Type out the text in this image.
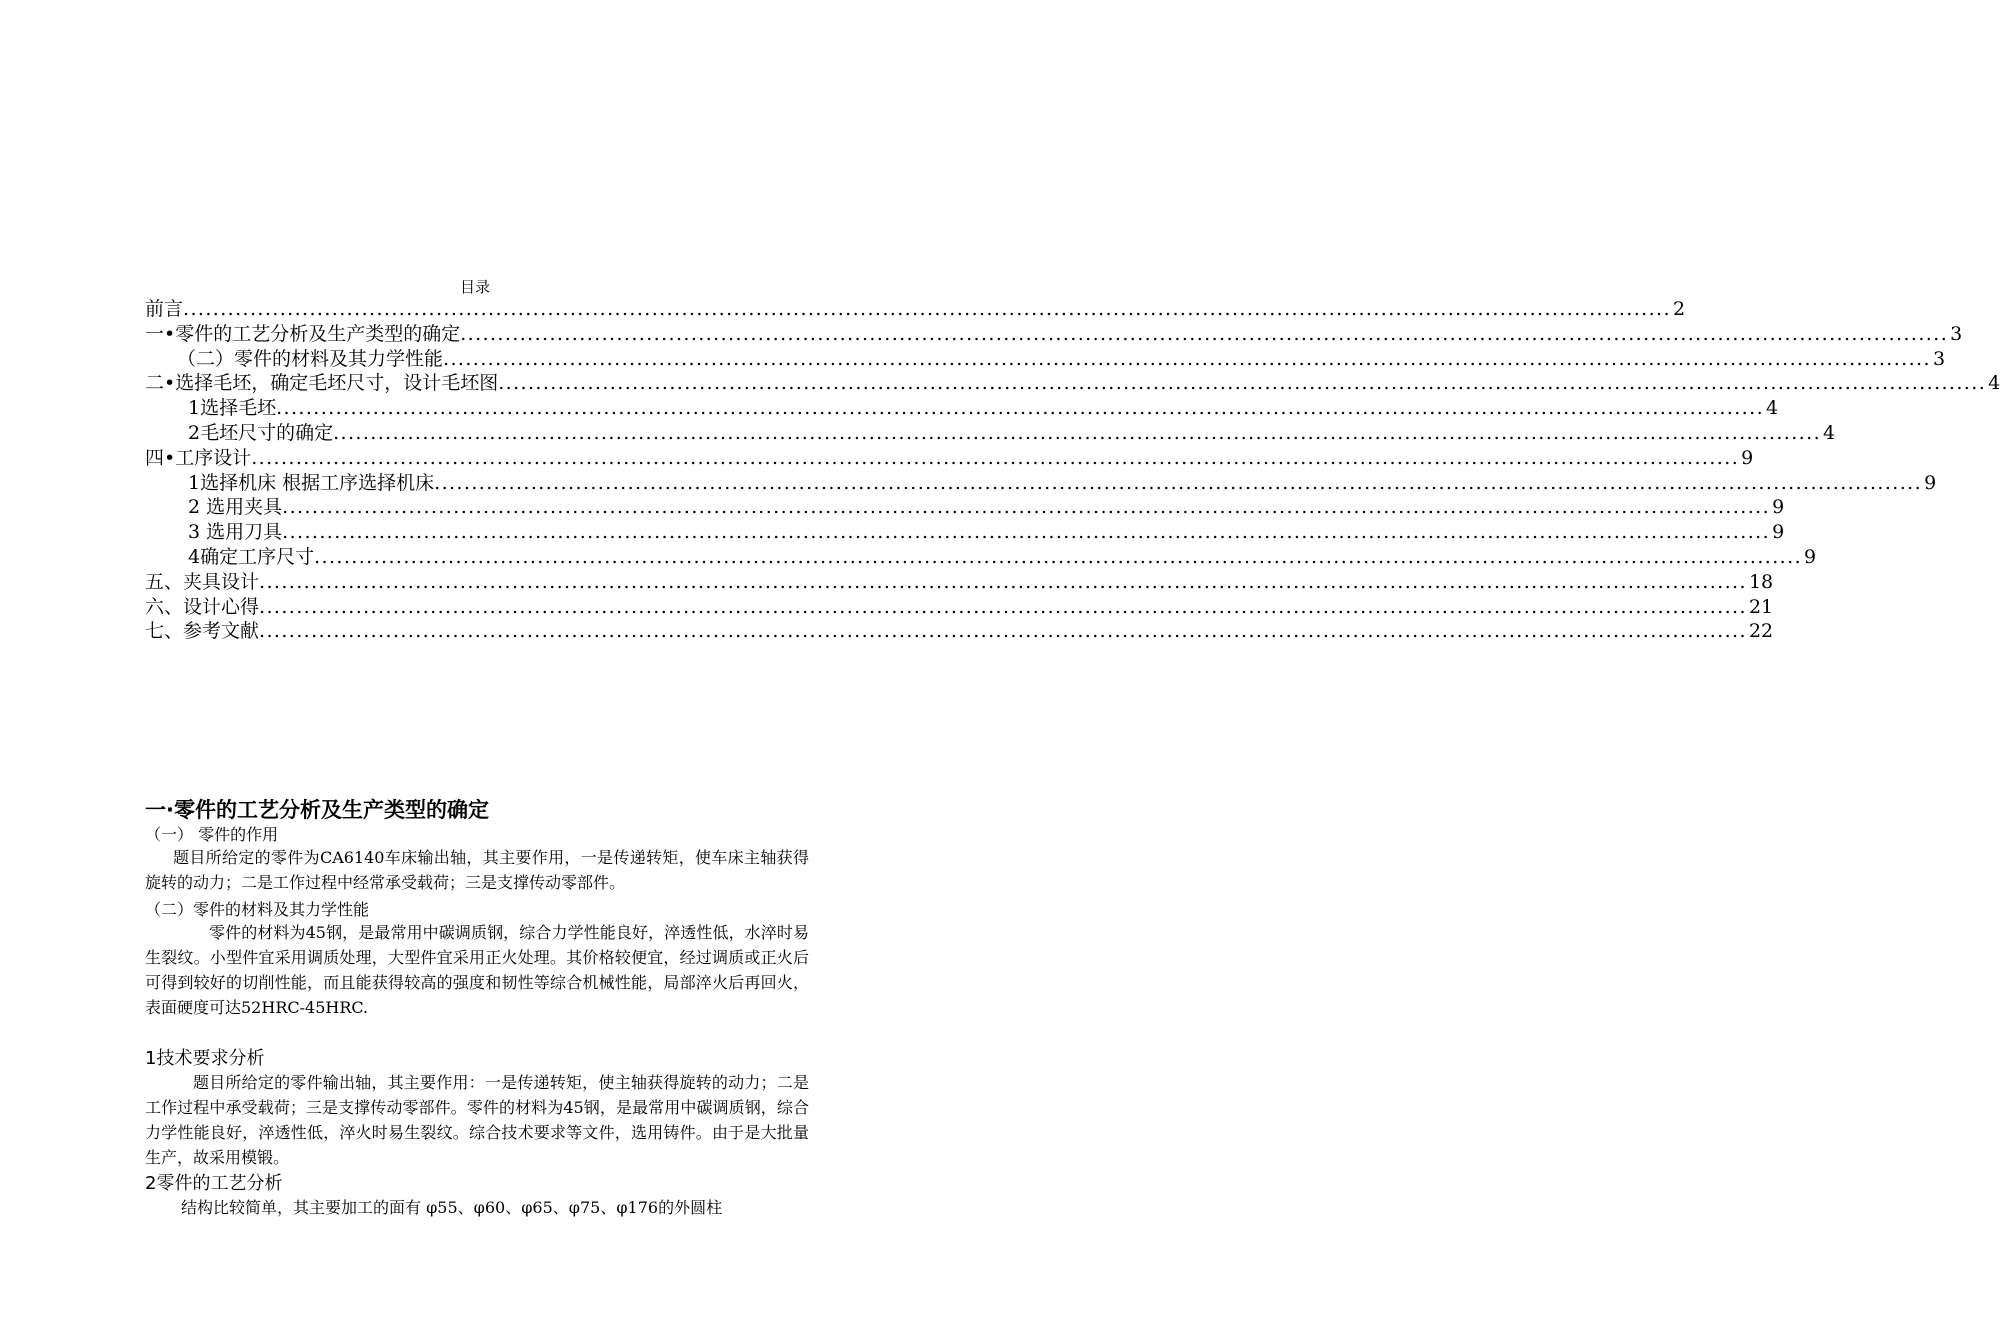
目录
前言 ........................................................................................................................................................................................................ 2
一•零件的工艺分析及生产类型的确定 ........................................................................................................................................................................................................ 3
（二）零件的材料及其力学性能 ........................................................................................................................................................................................................ 3
二•选择毛坯，确定毛坯尺寸，设计毛坯图 ........................................................................................................................................................................................................ 4
1选择毛坯 ........................................................................................................................................................................................................ 4
2毛坯尺寸的确定 ........................................................................................................................................................................................................ 4
四•工序设计 ........................................................................................................................................................................................................ 9
1选择机床 根据工序选择机床 ........................................................................................................................................................................................................ 9
2 选用夹具 ........................................................................................................................................................................................................ 9
3 选用刀具 ........................................................................................................................................................................................................ 9
4确定工序尺寸 ........................................................................................................................................................................................................ 9
五、夹具设计 ........................................................................................................................................................................................................ 18
六、设计心得 ........................................................................................................................................................................................................ 21
七、参考文献 ........................................................................................................................................................................................................ 22
一·零件的工艺分析及生产类型的确定
（一） 零件的作用

题目所给定的零件为CA6140车床输出轴，其主要作用，一是传递转矩，使车床主轴获得旋转的动力；二是工作过程中经常承受载荷；三是支撑传动零部件。

（二）零件的材料及其力学性能

零件的材料为45钢，是最常用中碳调质钢，综合力学性能良好，淬透性低，水淬时易生裂纹。小型件宜采用调质处理，大型件宜采用正火处理。其价格较便宜，经过调质或正火后可得到较好的切削性能，而且能获得较高的强度和韧性等综合机械性能，局部淬火后再回火，表面硬度可达52HRC-45HRC.

1技术要求分析

题目所给定的零件输出轴，其主要作用：一是传递转矩，使主轴获得旋转的动力；二是工作过程中承受载荷；三是支撑传动零部件。零件的材料为45钢，是最常用中碳调质钢，综合力学性能良好，淬透性低，淬火时易生裂纹。综合技术要求等文件，选用铸件。由于是大批量生产，故采用模锻。

2零件的工艺分析

结构比较简单，其主要加工的面有 φ55、φ60、φ65、φ75、φ176的外圆柱
